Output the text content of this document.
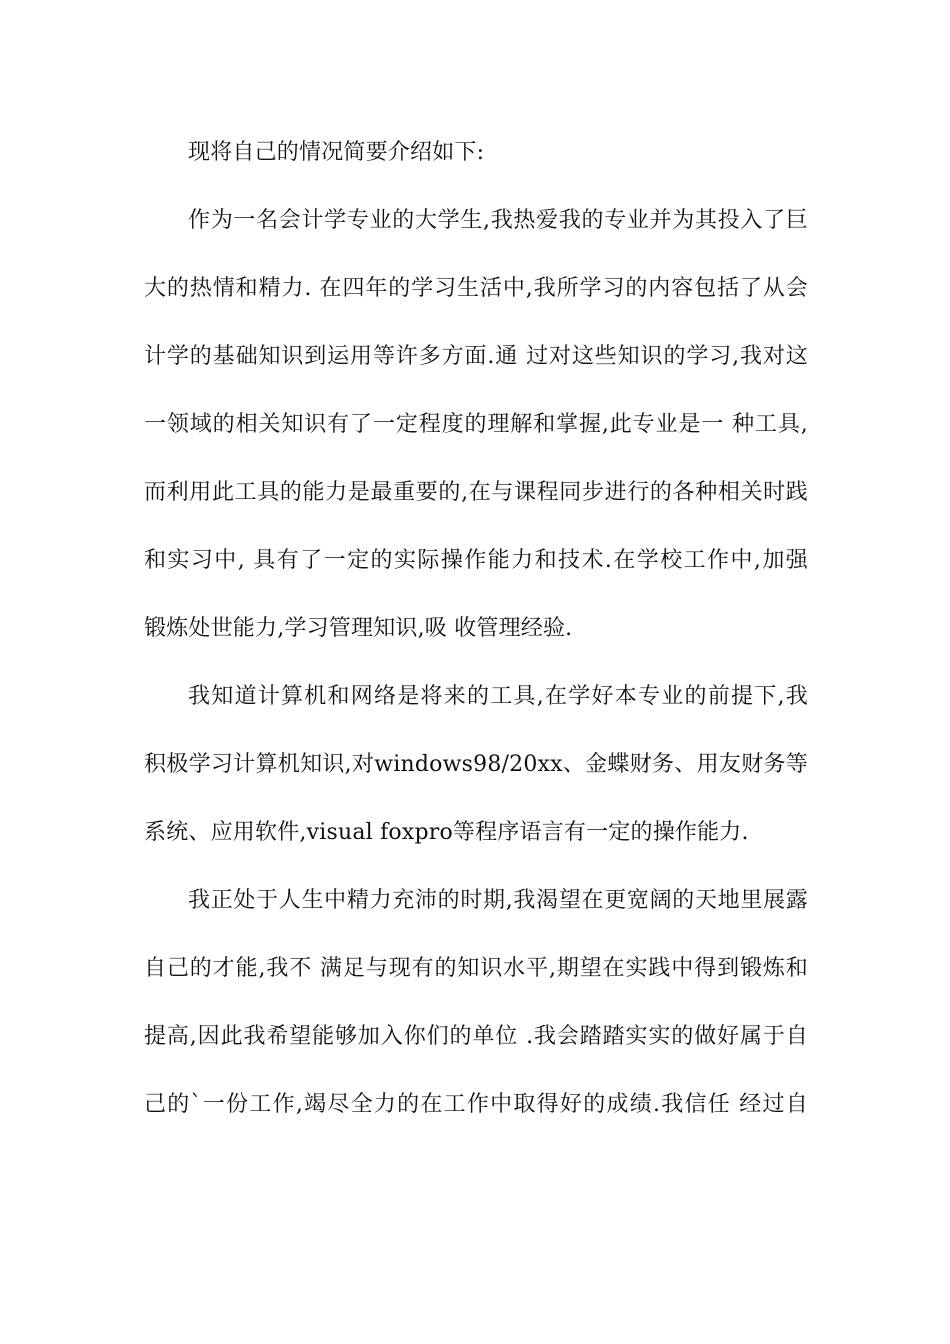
现将自己的情况简要介绍如下:
作为一名会计学专业的大学生,我热爱我的专业并为其投入了巨
大的热情和精力. 在四年的学习生活中,我所学习的内容包括了从会
计学的基础知识到运用等许多方面.通 过对这些知识的学习,我对这
一领域的相关知识有了一定程度的理解和掌握,此专业是一 种工具,
而利用此工具的能力是最重要的,在与课程同步进行的各种相关时践
和实习中, 具有了一定的实际操作能力和技术.在学校工作中,加强
锻炼处世能力,学习管理知识,吸 收管理经验.
我知道计算机和网络是将来的工具,在学好本专业的前提下,我
积极学习计算机知识,对windows98/20xx、金蝶财务、用友财务等
系统、应用软件,visual foxpro等程序语言有一定的操作能力.
我正处于人生中精力充沛的时期,我渴望在更宽阔的天地里展露
自己的才能,我不 满足与现有的知识水平,期望在实践中得到锻炼和
提高,因此我希望能够加入你们的单位 .我会踏踏实实的做好属于自
己的`一份工作,竭尽全力的在工作中取得好的成绩.我信任 经过自
